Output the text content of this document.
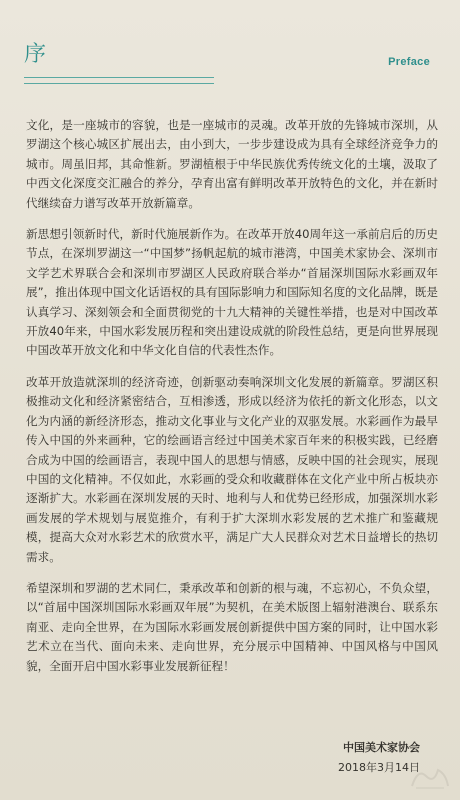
序	Preface

文化，是一座城市的容貌，也是一座城市的灵魂。改革开放的先锋城市深圳，从罗湖这个核心城区扩展出去，由小到大，一步步建设成为具有全球经济竞争力的城市。周虽旧邦，其命惟新。罗湖植根于中华民族优秀传统文化的土壤，汲取了中西文化深度交汇融合的养分，孕育出富有鲜明改革开放特色的文化，并在新时代继续奋力谱写改革开放新篇章。

新思想引领新时代，新时代施展新作为。在改革开放40周年这一承前启后的历史节点，在深圳罗湖这一“中国梦”扬帆起航的城市港湾，中国美术家协会、深圳市文学艺术界联合会和深圳市罗湖区人民政府联合举办“首届深圳国际水彩画双年展”，推出体现中国文化话语权的具有国际影响力和国际知名度的文化品牌，既是认真学习、深刻领会和全面贯彻党的十九大精神的关键性举措，也是对中国改革开放40年来，中国水彩发展历程和突出建设成就的阶段性总结，更是向世界展现中国改革开放文化和中华文化自信的代表性杰作。

改革开放造就深圳的经济奇迹，创新驱动奏响深圳文化发展的新篇章。罗湖区积极推动文化和经济紧密结合，互相渗透，形成以经济为依托的新文化形态，以文化为内涵的新经济形态，推动文化事业与文化产业的双驱发展。水彩画作为最早传入中国的外来画种，它的绘画语言经过中国美术家百年来的积极实践，已经磨合成为中国的绘画语言，表现中国人的思想与情感，反映中国的社会现实，展现中国的文化精神。不仅如此，水彩画的受众和收藏群体在文化产业中所占板块亦逐渐扩大。水彩画在深圳发展的天时、地利与人和优势已经形成，加强深圳水彩画发展的学术规划与展览推介，有利于扩大深圳水彩发展的艺术推广和鉴藏规模，提高大众对水彩艺术的欣赏水平，满足广大人民群众对艺术日益增长的热切需求。

希望深圳和罗湖的艺术同仁，秉承改革和创新的根与魂，不忘初心，不负众望，以“首届中国深圳国际水彩画双年展”为契机，在美术版图上辐射港澳台、联系东南亚、走向全世界，在为国际水彩画发展创新提供中国方案的同时，让中国水彩艺术立在当代、面向未来、走向世界，充分展示中国精神、中国风格与中国风貌，全面开启中国水彩事业发展新征程！

中国美术家协会
2018年3月14日
